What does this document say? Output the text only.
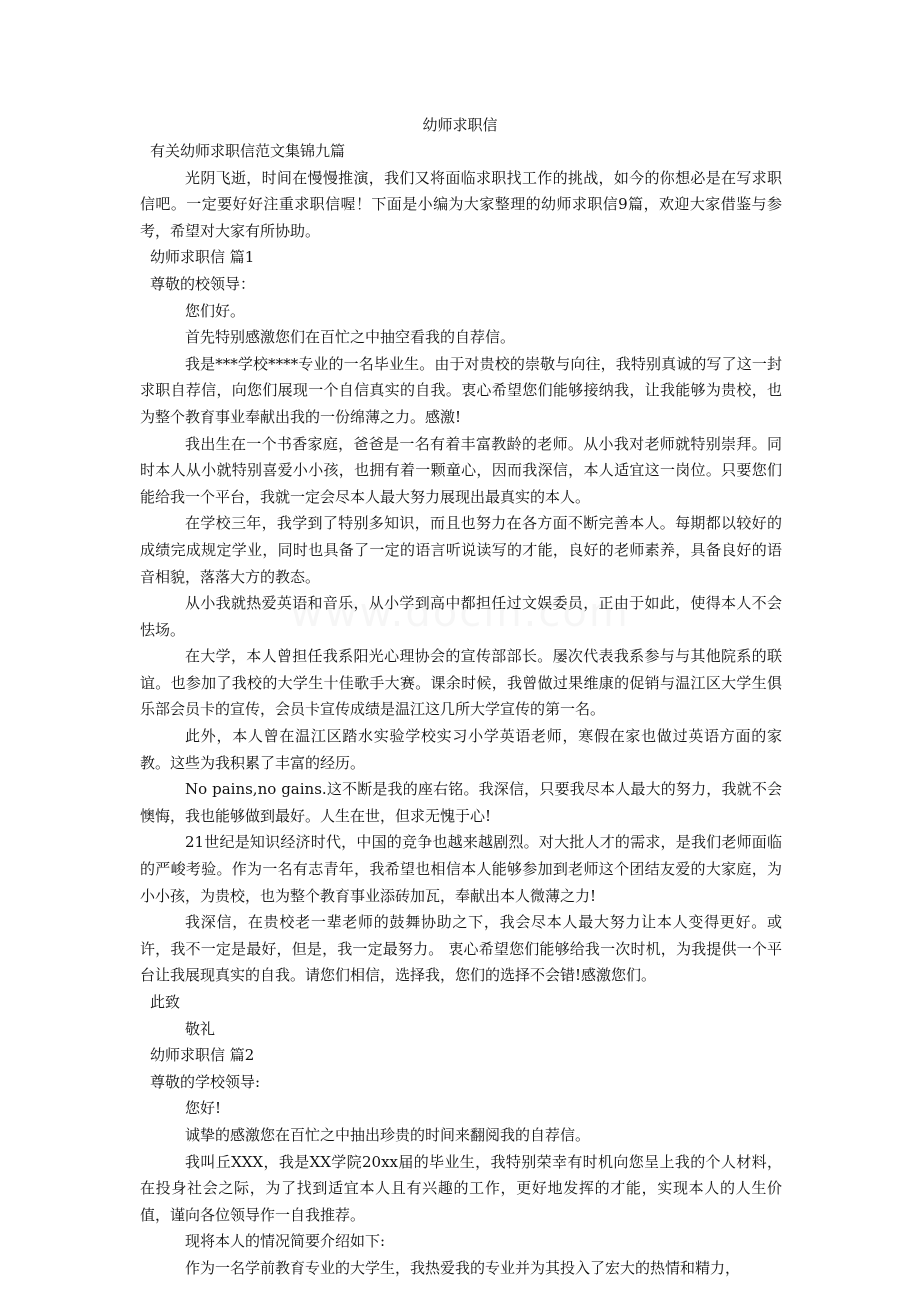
幼师求职信

有关幼师求职信范文集锦九篇

光阴飞逝，时间在慢慢推演，我们又将面临求职找工作的挑战，如今的你想必是在写求职信吧。一定要好好注重求职信喔！下面是小编为大家整理的幼师求职信9篇，欢迎大家借鉴与参考，希望对大家有所协助。

幼师求职信 篇1

尊敬的校领导：

您们好。

首先特别感激您们在百忙之中抽空看我的自荐信。

我是***学校****专业的一名毕业生。由于对贵校的崇敬与向往，我特别真诚的写了这一封求职自荐信，向您们展现一个自信真实的自我。衷心希望您们能够接纳我，让我能够为贵校，也为整个教育事业奉献出我的一份绵薄之力。感激!

我出生在一个书香家庭，爸爸是一名有着丰富教龄的老师。从小我对老师就特别崇拜。同时本人从小就特别喜爱小小孩，也拥有着一颗童心，因而我深信，本人适宜这一岗位。只要您们能给我一个平台，我就一定会尽本人最大努力展现出最真实的本人。

在学校三年，我学到了特别多知识，而且也努力在各方面不断完善本人。每期都以较好的成绩完成规定学业，同时也具备了一定的语言听说读写的才能，良好的老师素养，具备良好的语音相貌，落落大方的教态。

从小我就热爱英语和音乐，从小学到高中都担任过文娱委员，正由于如此，使得本人不会怯场。

在大学，本人曾担任我系阳光心理协会的宣传部部长。屡次代表我系参与与其他院系的联谊。也参加了我校的大学生十佳歌手大赛。课余时候，我曾做过果维康的促销与温江区大学生俱乐部会员卡的宣传，会员卡宣传成绩是温江这几所大学宣传的第一名。

此外，本人曾在温江区踏水实验学校实习小学英语老师，寒假在家也做过英语方面的家教。这些为我积累了丰富的经历。

No pains,no gains.这不断是我的座右铭。我深信，只要我尽本人最大的努力，我就不会懊悔，我也能够做到最好。人生在世，但求无愧于心!

21世纪是知识经济时代，中国的竞争也越来越剧烈。对大批人才的需求，是我们老师面临的严峻考验。作为一名有志青年，我希望也相信本人能够参加到老师这个团结友爱的大家庭，为小小孩，为贵校，也为整个教育事业添砖加瓦，奉献出本人微薄之力!

我深信，在贵校老一辈老师的鼓舞协助之下，我会尽本人最大努力让本人变得更好。或许，我不一定是最好，但是，我一定最努力。 衷心希望您们能够给我一次时机，为我提供一个平台让我展现真实的自我。请您们相信，选择我，您们的选择不会错!感激您们。

此致

敬礼

幼师求职信 篇2

尊敬的学校领导:

您好!

诚挚的感激您在百忙之中抽出珍贵的时间来翻阅我的自荐信。

我叫丘XXX，我是XX学院20xx届的毕业生，我特别荣幸有时机向您呈上我的个人材料，在投身社会之际，为了找到适宜本人且有兴趣的工作，更好地发挥的才能，实现本人的人生价值，谨向各位领导作一自我推荐。

现将本人的情况简要介绍如下:

作为一名学前教育专业的大学生，我热爱我的专业并为其投入了宏大的热情和精力，
